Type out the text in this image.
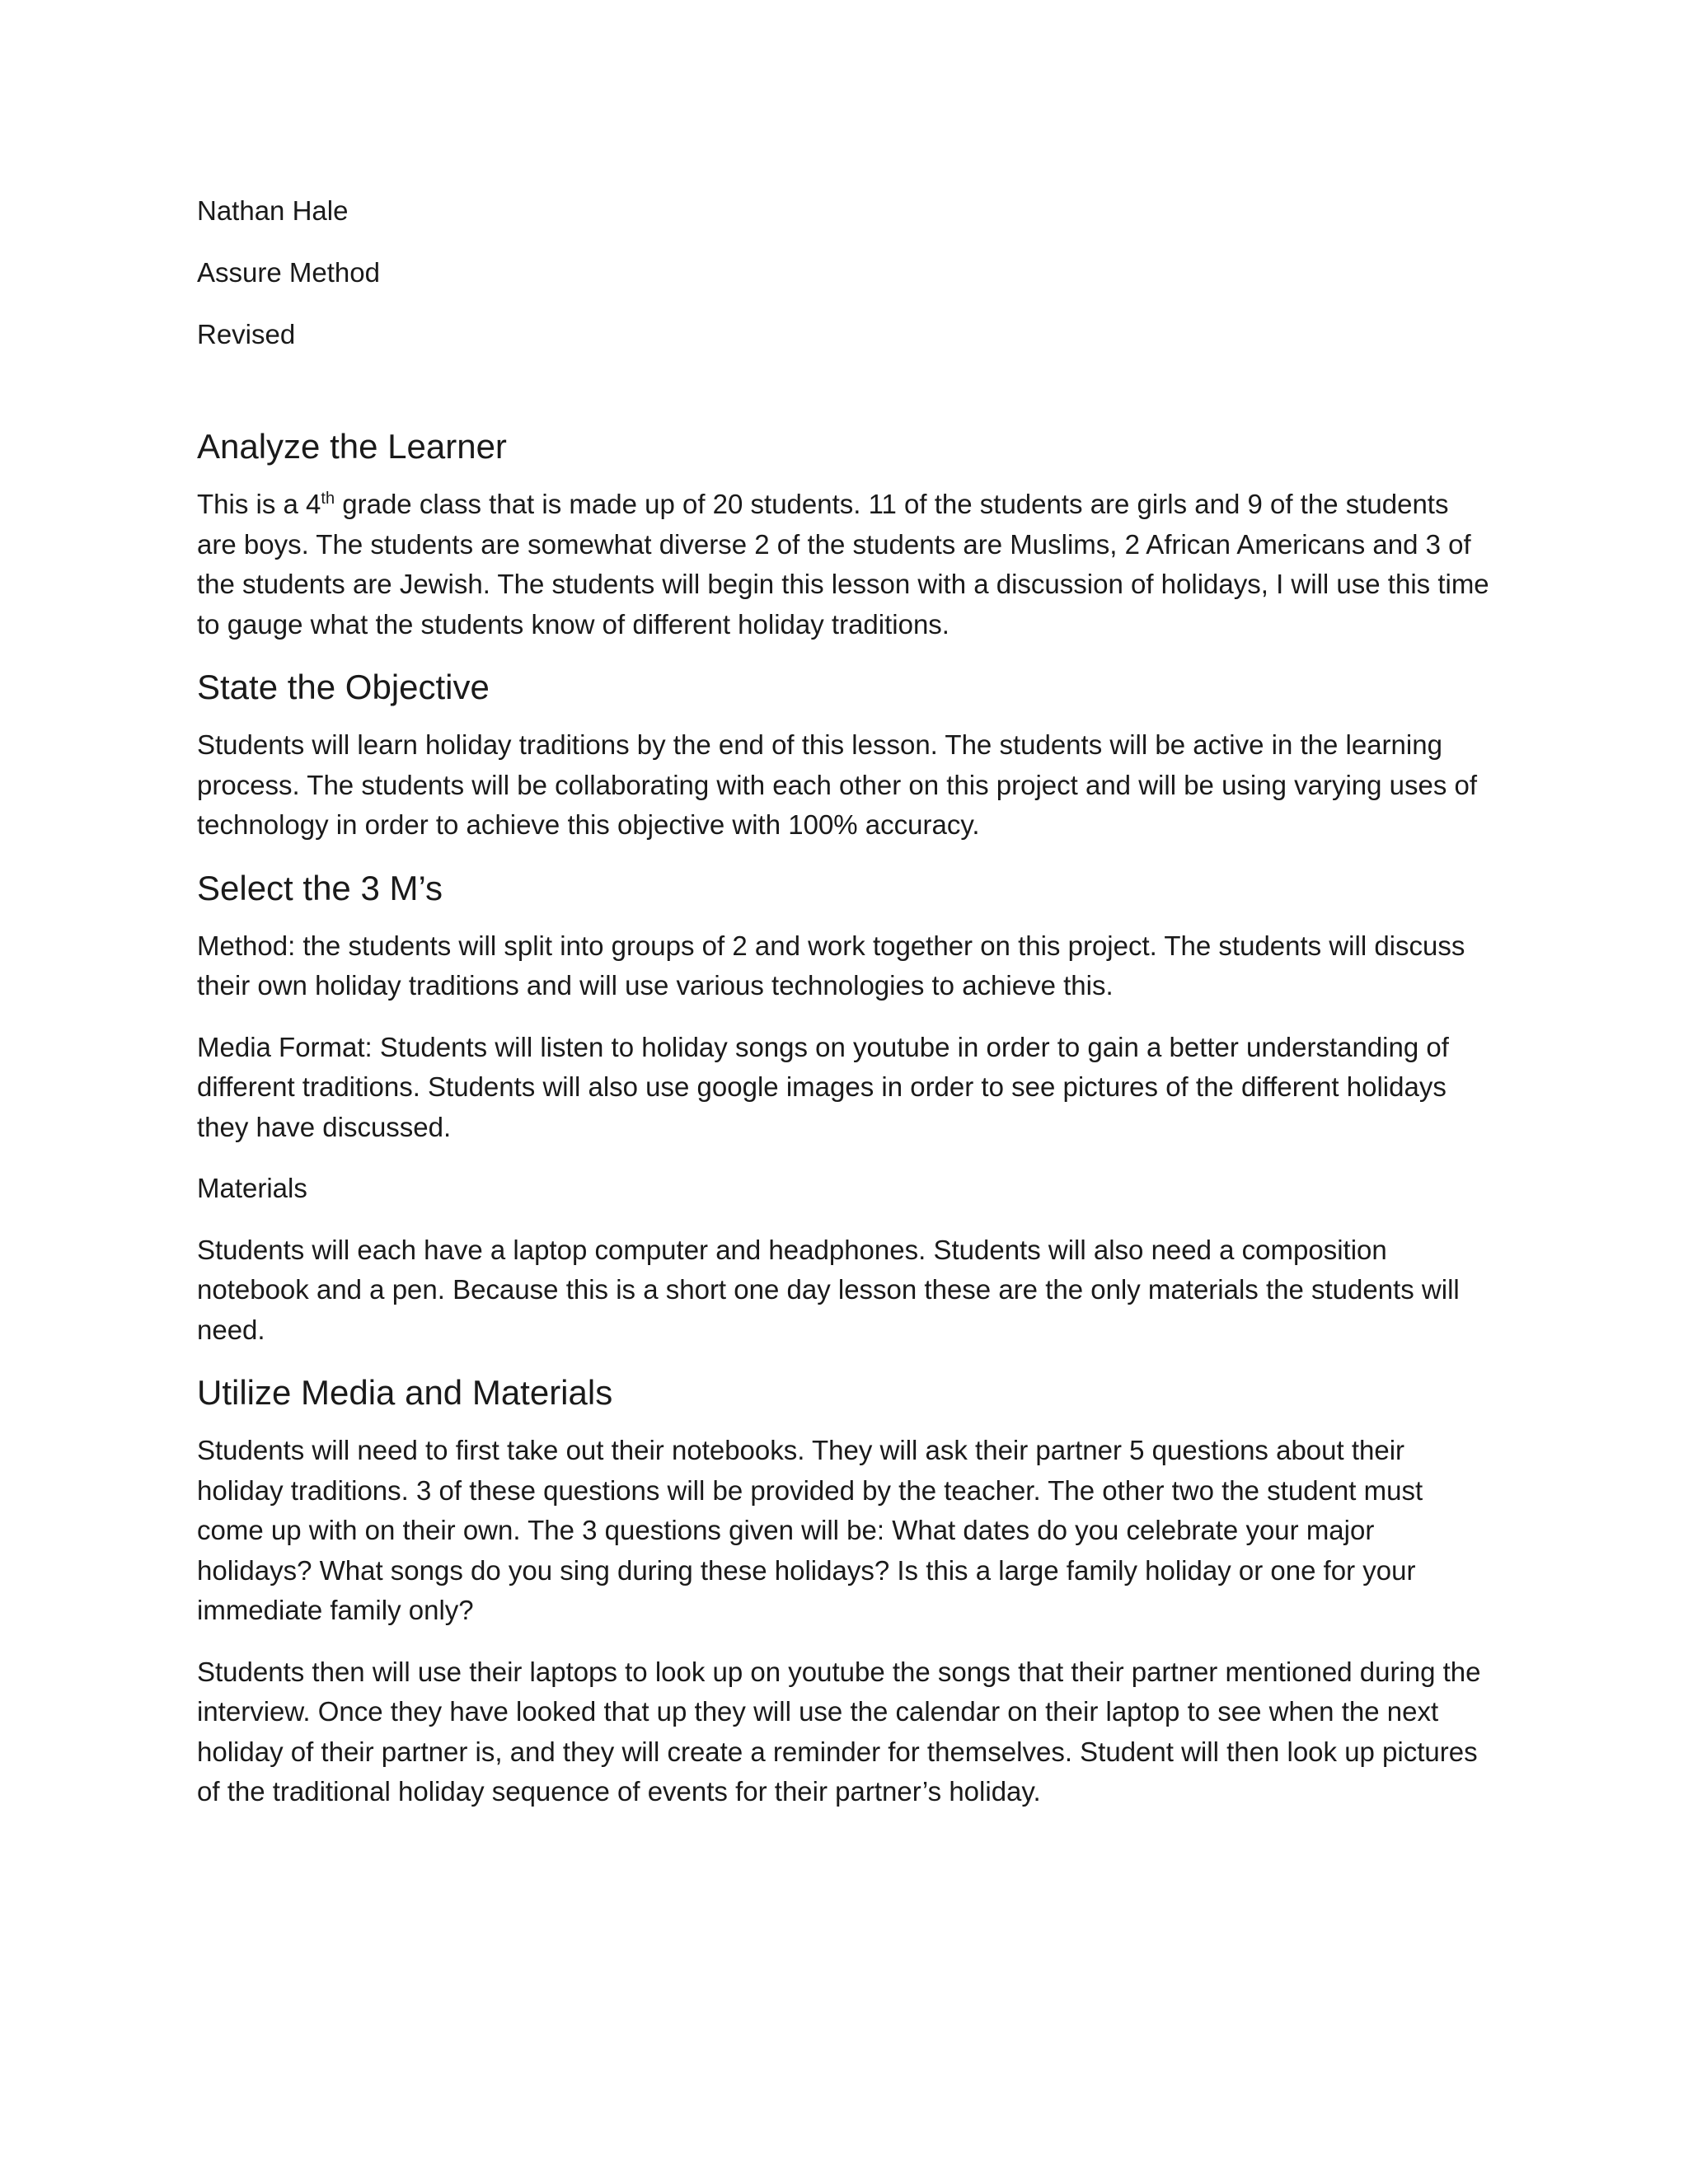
Nathan Hale
Assure Method
Revised
Analyze the Learner

This is a 4th grade class that is made up of 20 students. 11 of the students are girls and 9 of the students are boys. The students are somewhat diverse 2 of the students are Muslims, 2 African Americans and 3 of the students are Jewish. The students will begin this lesson with a discussion of holidays, I will use this time to gauge what the students know of different holiday traditions.

State the Objective

Students will learn holiday traditions by the end of this lesson. The students will be active in the learning process. The students will be collaborating with each other on this project and will be using varying uses of technology in order to achieve this objective with 100% accuracy.

Select the 3 M’s

Method: the students will split into groups of 2 and work together on this project. The students will discuss their own holiday traditions and will use various technologies to achieve this.

Media Format: Students will listen to holiday songs on youtube in order to gain a better understanding of different traditions. Students will also use google images in order to see pictures of the different holidays they have discussed.

Materials

Students will each have a laptop computer and headphones. Students will also need a composition notebook and a pen. Because this is a short one day lesson these are the only materials the students will need.

Utilize Media and Materials

Students will need to first take out their notebooks. They will ask their partner 5 questions about their holiday traditions. 3 of these questions will be provided by the teacher. The other two the student must come up with on their own. The 3 questions given will be: What dates do you celebrate your major holidays? What songs do you sing during these holidays? Is this a large family holiday or one for your immediate family only?

Students then will use their laptops to look up on youtube the songs that their partner mentioned during the interview. Once they have looked that up they will use the calendar on their laptop to see when the next holiday of their partner is, and they will create a reminder for themselves. Student will then look up pictures of the traditional holiday sequence of events for their partner’s holiday.
